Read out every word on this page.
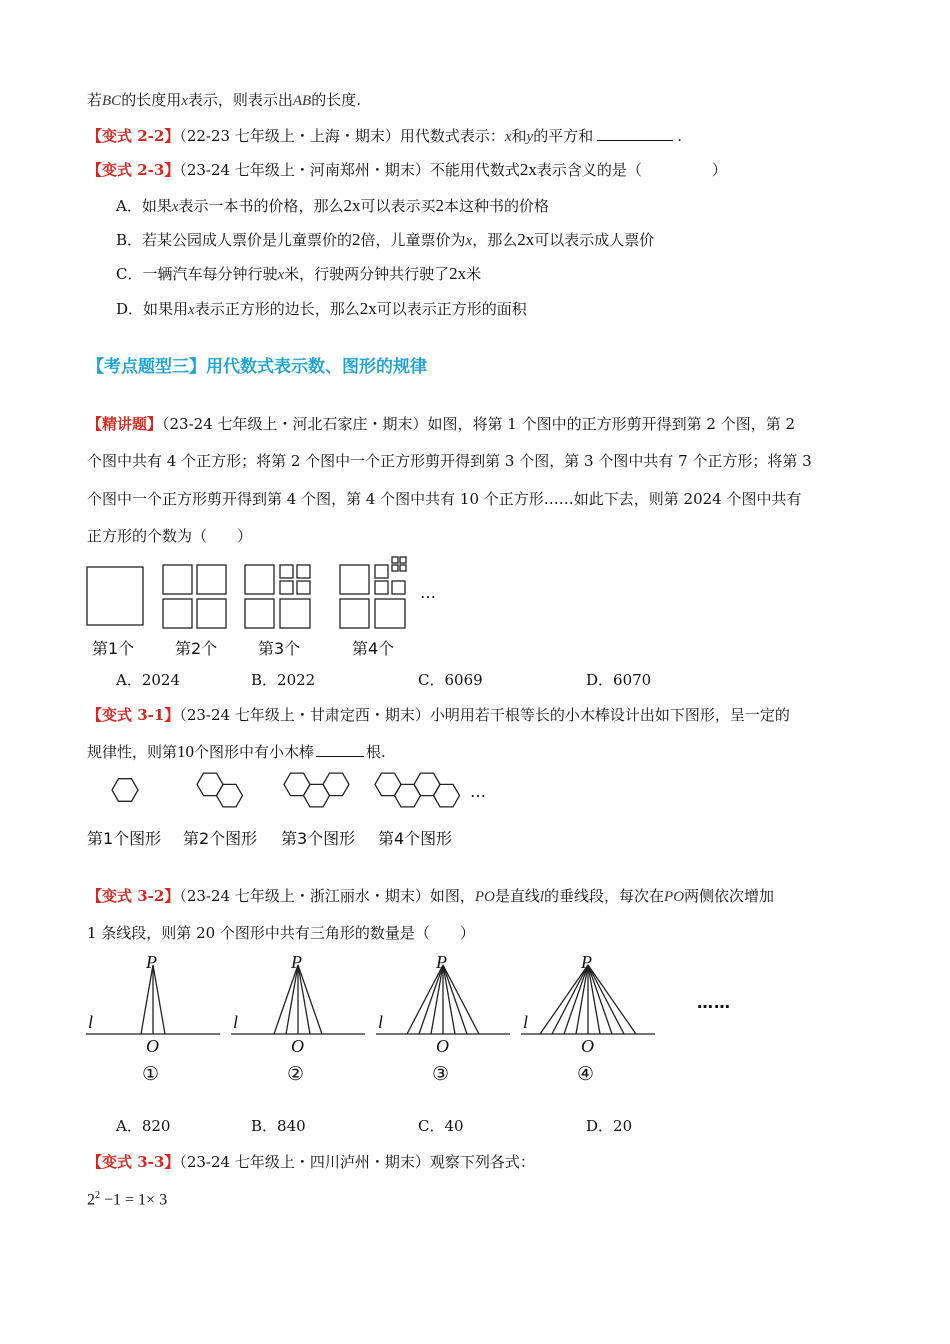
若BC的长度用x表示，则表示出AB的长度.
【变式 2-2】（22-23 七年级上・上海・期末）用代数式表示：x和y的平方和	.
【变式 2-3】（23-24 七年级上・河南郑州・期末）不能用代数式2x表示含义的是（	）
A．如果x表示一本书的价格，那么2x可以表示买2本这种书的价格
B．若某公园成人票价是儿童票价的2倍，儿童票价为x，那么2x可以表示成人票价
C．一辆汽车每分钟行驶x米，行驶两分钟共行驶了2x米
D．如果用x表示正方形的边长，那么2x可以表示正方形的面积
【考点题型三】用代数式表示数、图形的规律
【精讲题】（23-24 七年级上・河北石家庄・期末）如图，将第 1 个图中的正方形剪开得到第 2 个图，第 2
个图中共有 4 个正方形；将第 2 个图中一个正方形剪开得到第 3 个图，第 3 个图中共有 7 个正方形；将第 3
个图中一个正方形剪开得到第 4 个图，第 4 个图中共有 10 个正方形……如此下去，则第 2024 个图中共有
正方形的个数为（　　）
…
第1个	第2个	第3个	第4个
A．2024	B．2022	C．6069	D．6070
【变式 3-1】（23-24 七年级上・甘肃定西・期末）小明用若干根等长的小木棒设计出如下图形，呈一定的
规律性，则第10个图形中有小木棒	根.
…
第1个图形 第2个图形 第3个图形 第4个图形
【变式 3-2】（23-24 七年级上・浙江丽水・期末）如图，PO是直线l的垂线段，每次在PO两侧依次增加
1 条线段，则第 20 个图形中共有三角形的数量是（　　）
P	P	P	P
l	l	l	l
O	O	O	O
①	②	③	④
……
A．820	B．840	C．40	D．20
【变式 3-3】（23-24 七年级上・四川泸州・期末）观察下列各式：
$2^2 -1 = 1\times 3$
